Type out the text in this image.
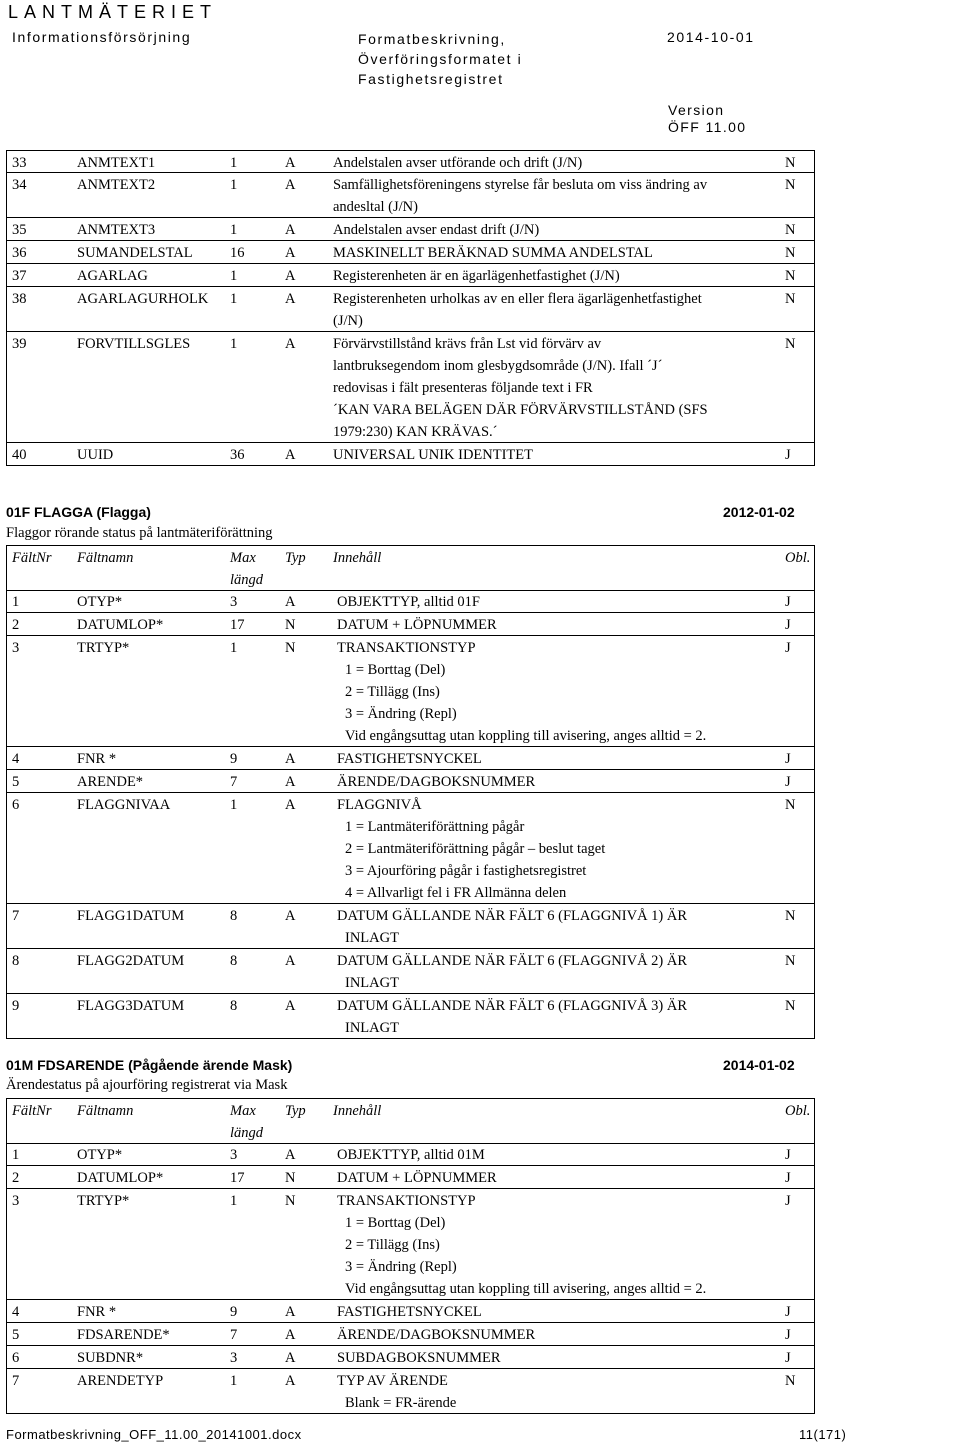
LANTMÄTERIET
Informationsförsörjning	Formatbeskrivning,
Överföringsformatet i
Fastighetsregistret
2014-10-01
Version
ÖFF 11.00
33	ANMTEXT1	1	A	Andelstalen avser utförande och drift (J/N)	N
34	ANMTEXT2	1	A	Samfällighetsföreningens styrelse får besluta om viss ändring av
andesltal (J/N)
N
35	ANMTEXT3	1	A	Andelstalen avser endast drift (J/N)	N
36	SUMANDELSTAL	16	A	MASKINELLT BERÄKNAD SUMMA ANDELSTAL	N
37	AGARLAG	1	A	Registerenheten är en ägarlägenhetfastighet (J/N)	N
38	AGARLAGURHOLK 1	A	Registerenheten urholkas av en eller flera ägarlägenhetfastighet
(J/N)
N
39	FORVTILLSGLES	1	A	Förvärvstillstånd krävs från Lst vid förvärv av
lantbruksegendom inom glesbygdsområde (J/N). Ifall ´J´
redovisas i fält presenteras följande text i FR
´KAN VARA BELÄGEN DÄR FÖRVÄRVSTILLSTÅND (SFS
1979:230) KAN KRÄVAS.´
N
40	UUID	36	A	UNIVERSAL UNIK IDENTITET	J
01F FLAGGA (Flagga)	2012-01-02
Flaggor rörande status på lantmäteriförättning
FältNr Fältnamn	Max
längd
Typ Innehåll	Obl.
1	OTYP*	3	A	OBJEKTTYP, alltid 01F	J
2	DATUMLOP*	17	N	DATUM + LÖPNUMMER	J
3	TRTYP*	1	N	TRANSAKTIONSTYP
1 = Borttag (Del)
2 = Tillägg (Ins)
3 = Ändring (Repl)
Vid engångsuttag utan koppling till avisering, anges alltid = 2.
J
4	FNR *	9	A	FASTIGHETSNYCKEL	J
5	ARENDE*	7	A	ÄRENDE/DAGBOKSNUMMER	J
6	FLAGGNIVAA	1	A	FLAGGNIVÅ
1 = Lantmäteriförättning pågår
2 = Lantmäteriförättning pågår – beslut taget
3 = Ajourföring pågår i fastighetsregistret
4 = Allvarligt fel i FR Allmänna delen
N
7	FLAGG1DATUM	8	A	DATUM GÄLLANDE NÄR FÄLT 6 (FLAGGNIVÅ 1) ÄR
INLAGT
N
8	FLAGG2DATUM	8	A	DATUM GÄLLANDE NÄR FÄLT 6 (FLAGGNIVÅ 2) ÄR
INLAGT
N
9	FLAGG3DATUM	8	A	DATUM GÄLLANDE NÄR FÄLT 6 (FLAGGNIVÅ 3) ÄR
INLAGT
N
01M FDSARENDE (Pågående ärende Mask)	2014-01-02
Ärendestatus på ajourföring registrerat via Mask
FältNr Fältnamn	Max
längd
Typ Innehåll	Obl.
1	OTYP*	3	A	OBJEKTTYP, alltid 01M	J
2	DATUMLOP*	17	N	DATUM + LÖPNUMMER	J
3	TRTYP*	1	N	TRANSAKTIONSTYP
1 = Borttag (Del)
2 = Tillägg (Ins)
3 = Ändring (Repl)
Vid engångsuttag utan koppling till avisering, anges alltid = 2.
J
4	FNR *	9	A	FASTIGHETSNYCKEL	J
5	FDSARENDE*	7	A	ÄRENDE/DAGBOKSNUMMER	J
6	SUBDNR*	3	A	SUBDAGBOKSNUMMER	J
7	ARENDETYP	1	A	TYP AV ÄRENDE
Blank = FR-ärende
N
Formatbeskrivning_OFF_11.00_20141001.docx	11(171)
